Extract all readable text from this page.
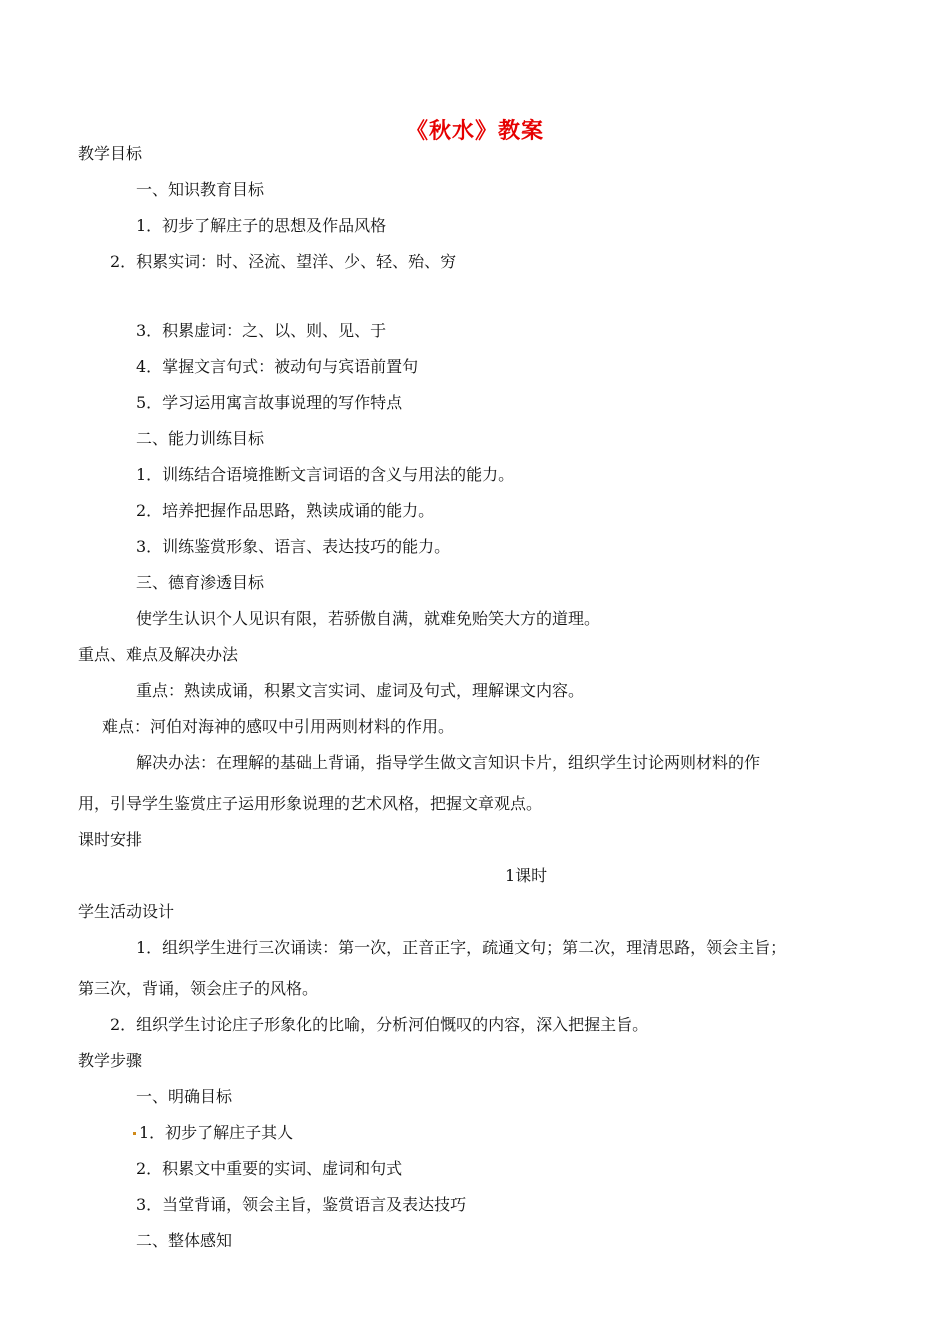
《秋水》教案

教学目标

一、知识教育目标

1．初步了解庄子的思想及作品风格

2．积累实词：时、泾流、望洋、少、轻、殆、穷

3．积累虚词：之、以、则、见、于

4．掌握文言句式：被动句与宾语前置句

5．学习运用寓言故事说理的写作特点

二、能力训练目标

1．训练结合语境推断文言词语的含义与用法的能力。

2．培养把握作品思路，熟读成诵的能力。

3．训练鉴赏形象、语言、表达技巧的能力。

三、德育渗透目标

使学生认识个人见识有限，若骄傲自满，就难免贻笑大方的道理。

重点、难点及解决办法

重点：熟读成诵，积累文言实词、虚词及句式，理解课文内容。

难点：河伯对海神的感叹中引用两则材料的作用。

解决办法：在理解的基础上背诵，指导学生做文言知识卡片，组织学生讨论两则材料的作

用，引导学生鉴赏庄子运用形象说理的艺术风格，把握文章观点。

课时安排

1课时

学生活动设计

1．组织学生进行三次诵读：第一次，正音正字，疏通文句；第二次，理清思路，领会主旨；

第三次，背诵，领会庄子的风格。

2．组织学生讨论庄子形象化的比喻，分析河伯慨叹的内容，深入把握主旨。

教学步骤

一、明确目标

1．初步了解庄子其人

2．积累文中重要的实词、虚词和句式

3．当堂背诵，领会主旨，鉴赏语言及表达技巧

二、整体感知
